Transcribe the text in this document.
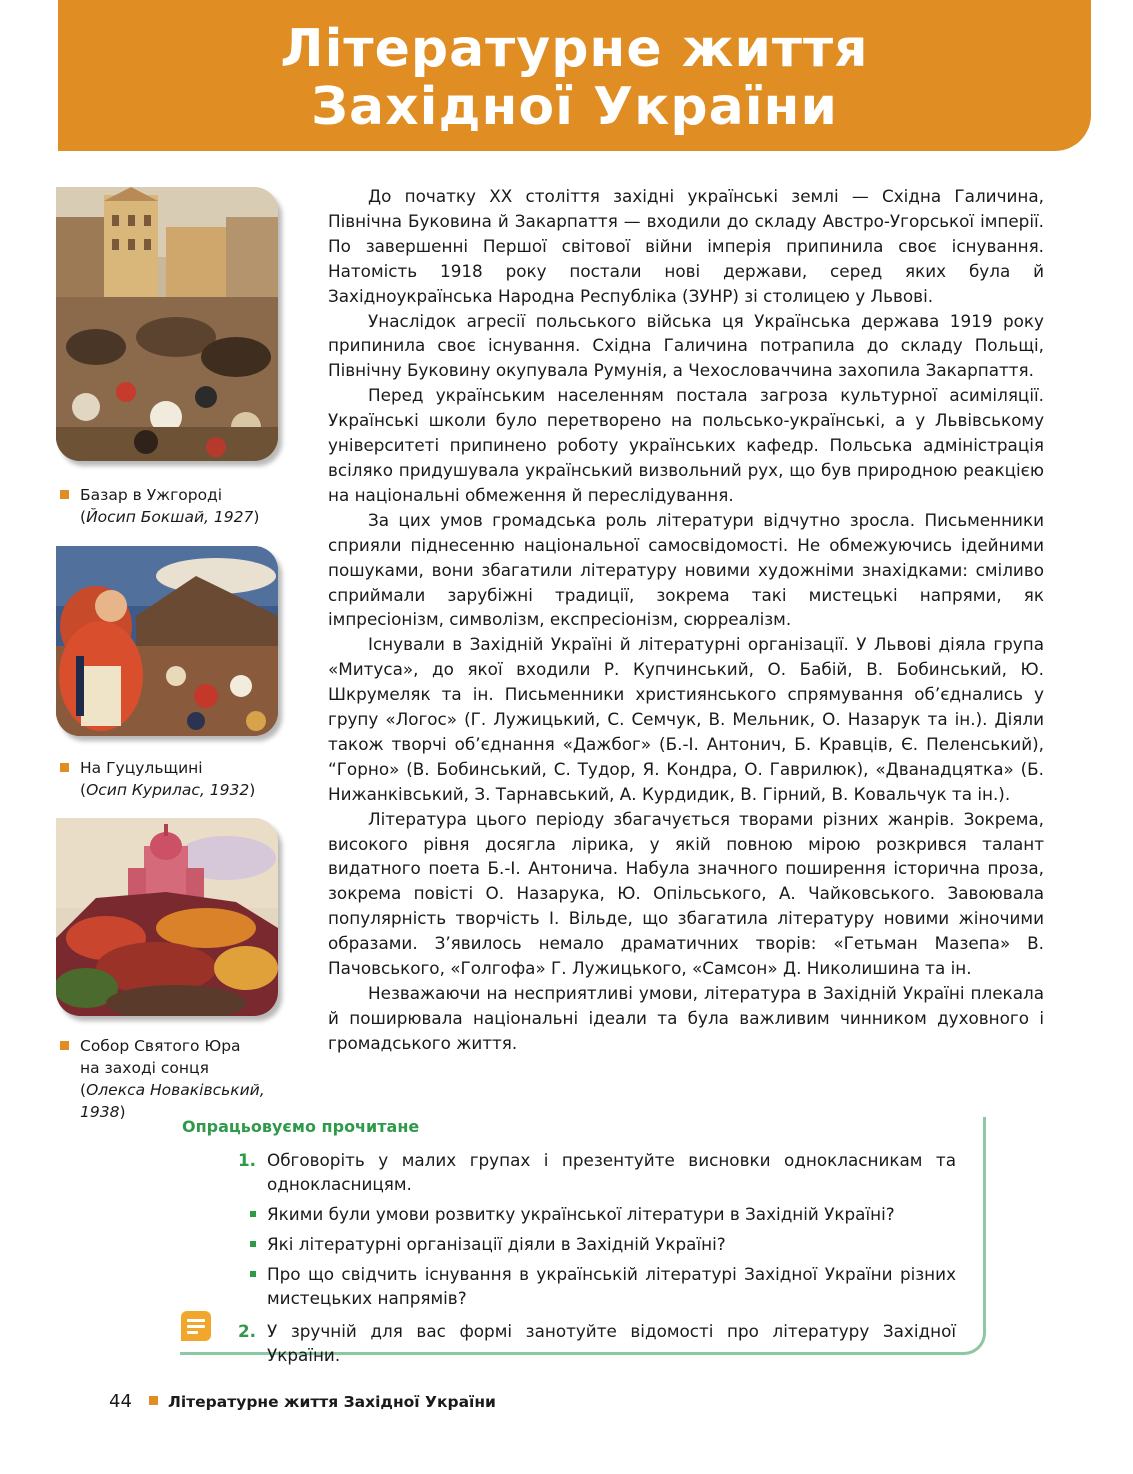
Літературне життя
Західної України
Базар в Ужгороді
(Йосип Бокшай, 1927)
На Гуцульщині
(Осип Курилас, 1932)
Собор Святого Юра
на заході сонця
(Олекса Новаківський,
1938)

До початку ХХ століття західні українські землі — Східна Галичина, Північна Буковина й Закарпаття — входили до складу Австро-Угорської імперії. По завершенні Першої світової війни імперія припинила своє існування. Натомість 1918 року постали нові держави, серед яких була й Західноукраїнська Народна Республіка (ЗУНР) зі столицею у Львові.

Унаслідок агресії польського війська ця Українська держава 1919 року припинила своє існування. Східна Галичина потрапила до складу Польщі, Північну Буковину окупувала Румунія, а Чехословаччина захопила Закарпаття.

Перед українським населенням постала загроза культурної асиміляції. Українські школи було перетворено на польсько-українські, а у Львівському університеті припинено роботу українських кафедр. Польська адміністрація всіляко придушувала український визвольний рух, що був природною реакцією на національні обмеження й переслідування.

За цих умов громадська роль літератури відчутно зросла. Письменники сприяли піднесенню національної самосвідомості. Не обмежуючись ідейними пошуками, вони збагатили літературу новими художніми знахідками: сміливо сприймали зарубіжні традиції, зокрема такі мистецькі напрями, як імпресіонізм, символізм, експресіонізм, сюрреалізм.

Існували в Західній Україні й літературні організації. У Львові діяла група «Митуса», до якої входили Р. Купчинський, О. Бабій, В. Бобинський, Ю. Шкрумеляк та ін. Письменники християнського спрямування об’єднались у групу «Логос» (Г. Лужицький, С. Семчук, В. Мельник, О. Назарук та ін.). Діяли також творчі об’єднання «Дажбог» (Б.-І. Антонич, Б. Кравців, Є. Пеленський), “Горно» (В. Бобинський, С. Тудор, Я. Кондра, О. Гаврилюк), «Дванадцятка» (Б. Нижанківський, З. Тарнавський, А. Курдидик, В. Гірний, В. Ковальчук та ін.).

Література цього періоду збагачується творами різних жанрів. Зокрема, високого рівня досягла лірика, у якій повною мірою розкрився талант видатного поета Б.-І. Антонича. Набула значного поширення історична проза, зокрема повісті О. Назарука, Ю. Опільського, А. Чайковського. Завоювала популярність творчість І. Вільде, що збагатила літературу новими жіночими образами. З’явилось немало драматичних творів: «Гетьман Мазепа» В. Пачовського, «Голгофа» Г. Лужицького, «Самсон» Д. Николишина та ін.

Незважаючи на несприятливі умови, література в Західній Україні плекала й поширювала національні ідеали та була важливим чинником духовного і громадського життя.

Опрацьовуємо прочитане
1. Обговоріть у малих групах і презентуйте висновки однокласникам та однокласницям.
Якими були умови розвитку української літератури в Західній Україні?
Які літературні організації діяли в Західній Україні?
Про що свідчить існування в українській літературі Західної України різних мистецьких напрямів?
2. У зручній для вас формі занотуйте відомості про літературу Західної України.
44 Літературне життя Західної України
